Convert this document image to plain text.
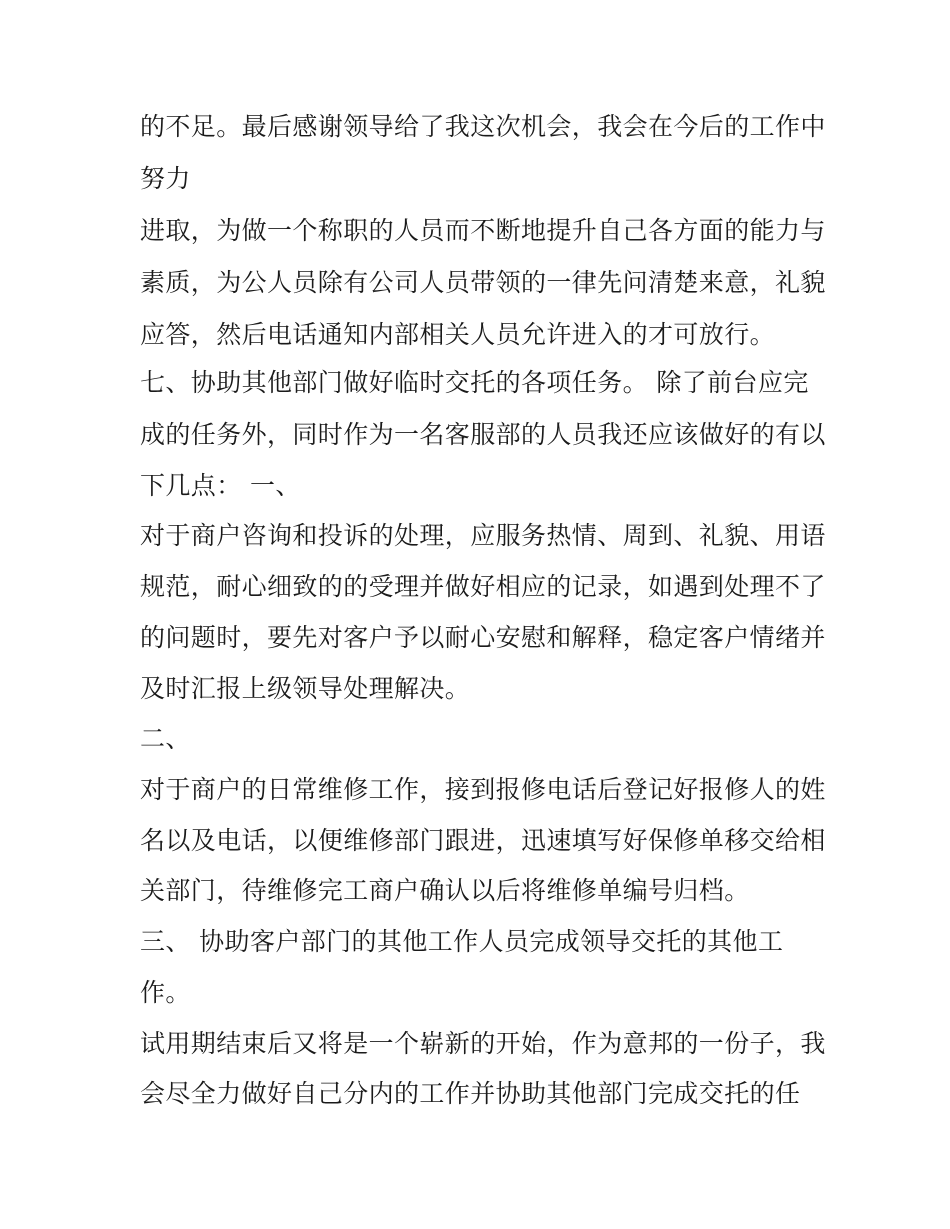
的不足。最后感谢领导给了我这次机会，我会在今后的工作中
努力
进取，为做一个称职的人员而不断地提升自己各方面的能力与
素质，为公人员除有公司人员带领的一律先问清楚来意，礼貌
应答，然后电话通知内部相关人员允许进入的才可放行。
七、协助其他部门做好临时交托的各项任务。 除了前台应完
成的任务外，同时作为一名客服部的人员我还应该做好的有以
下几点： 一、
对于商户咨询和投诉的处理，应服务热情、周到、礼貌、用语
规范，耐心细致的的受理并做好相应的记录，如遇到处理不了
的问题时，要先对客户予以耐心安慰和解释，稳定客户情绪并
及时汇报上级领导处理解决。
二、
对于商户的日常维修工作，接到报修电话后登记好报修人的姓
名以及电话，以便维修部门跟进，迅速填写好保修单移交给相
关部门，待维修完工商户确认以后将维修单编号归档。
三、 协助客户部门的其他工作人员完成领导交托的其他工
作。
试用期结束后又将是一个崭新的开始，作为意邦的一份子，我
会尽全力做好自己分内的工作并协助其他部门完成交托的任
